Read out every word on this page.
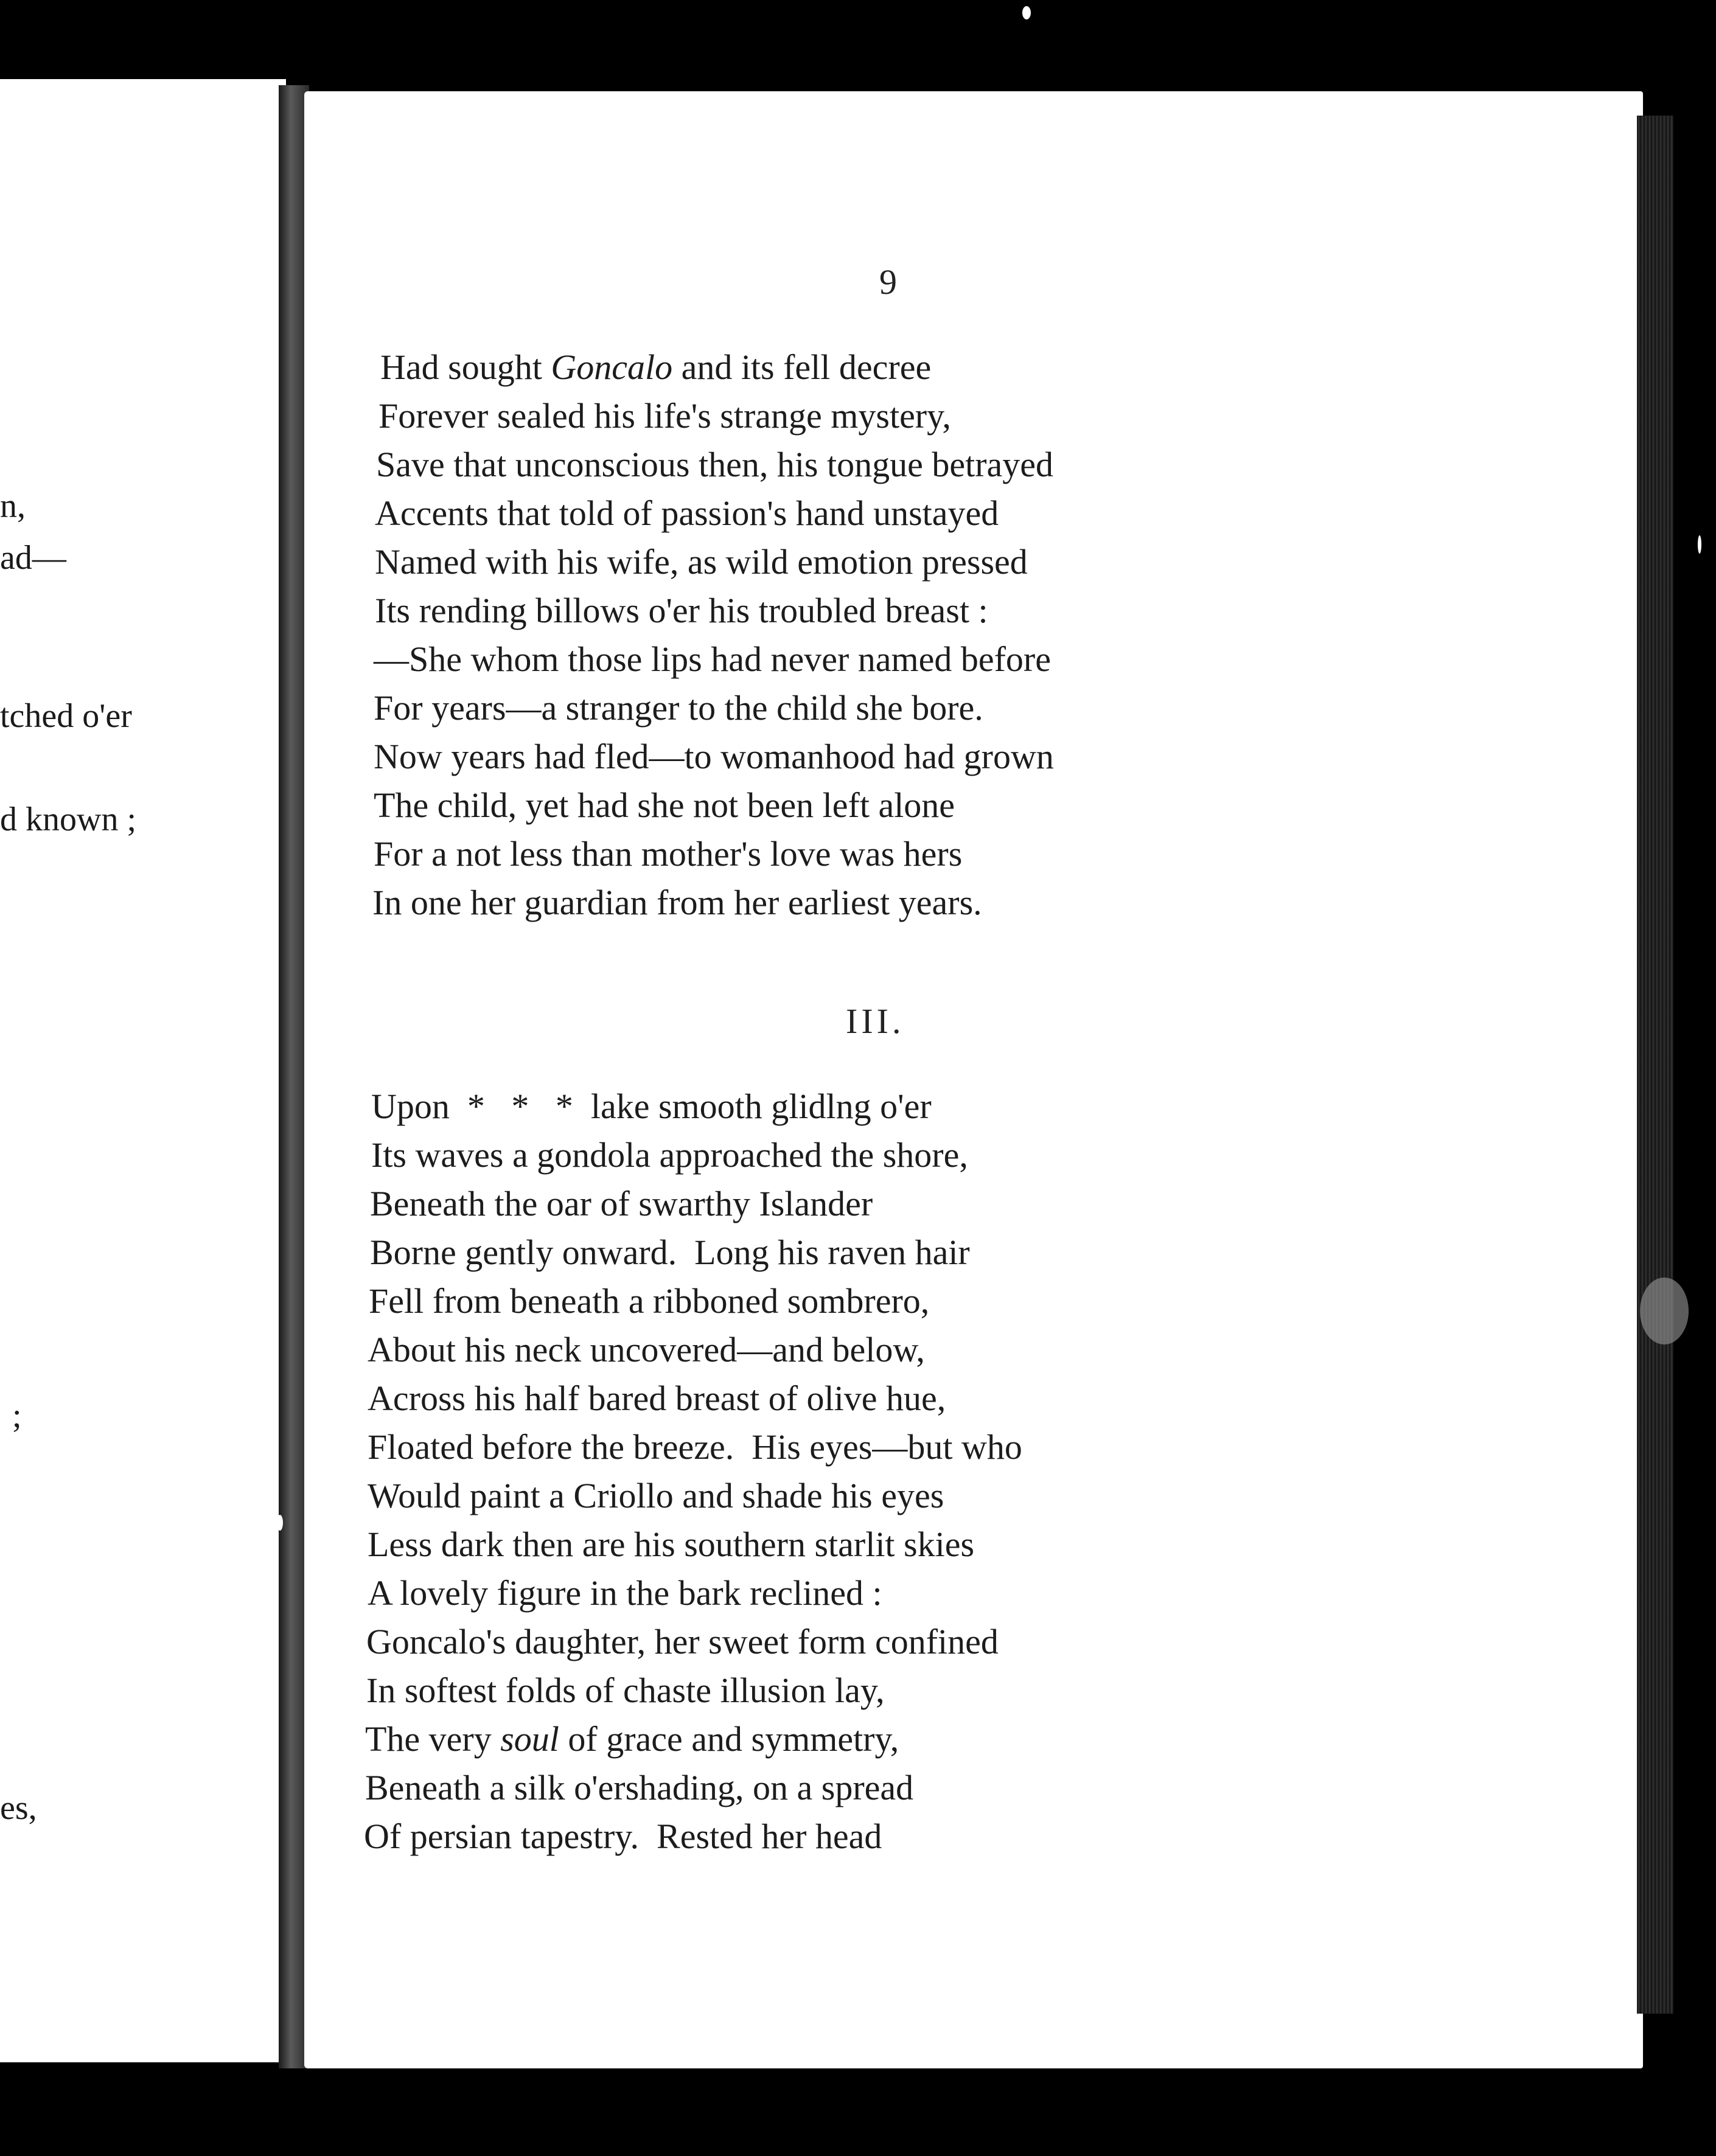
n,
ad—
tched o'er
d known ;
;
es,
9
Had sought Goncalo and its fell decree
Forever sealed his life's strange mystery,
Save that unconscious then, his tongue betrayed
Accents that told of passion's hand unstayed
Named with his wife, as wild emotion pressed
Its rending billows o'er his troubled breast :
—She whom those lips had never named before
For years—a stranger to the child she bore.
Now years had fled—to womanhood had grown
The child, yet had she not been left alone
For a not less than mother's love was hers
In one her guardian from her earliest years.
III.
Upon  *   *   *  lake smooth glidlng o'er
Its waves a gondola approached the shore,
Beneath the oar of swarthy Islander
Borne gently onward.  Long his raven hair
Fell from beneath a ribboned sombrero,
About his neck uncovered—and below,
Across his half bared breast of olive hue,
Floated before the breeze.  His eyes—but who
Would paint a Criollo and shade his eyes
Less dark then are his southern starlit skies
A lovely figure in the bark reclined :
Goncalo's daughter, her sweet form confined
In softest folds of chaste illusion lay,
The very soul of grace and symmetry,
Beneath a silk o'ershading, on a spread
Of persian tapestry.  Rested her head
